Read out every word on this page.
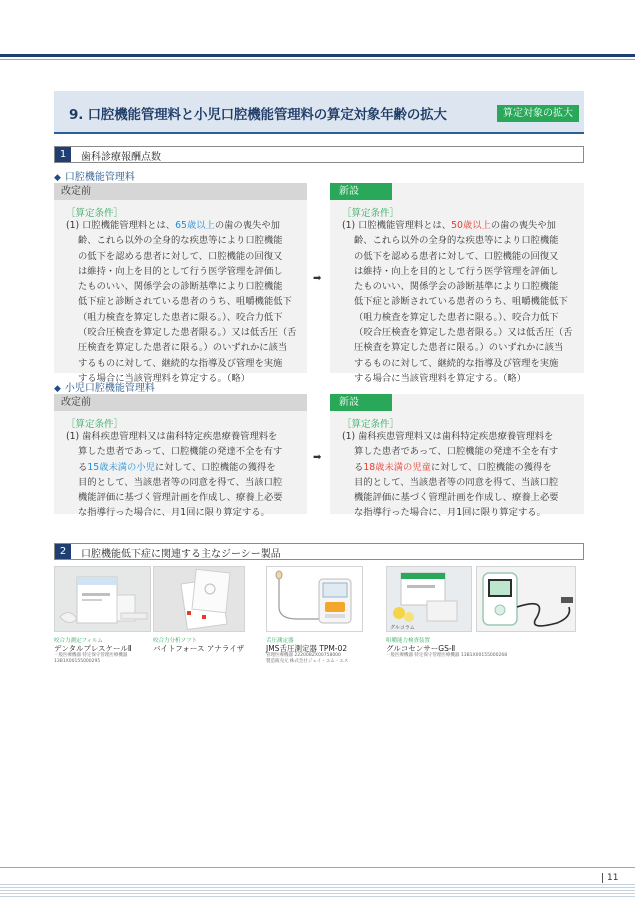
9. 口腔機能管理料と小児口腔機能管理料の算定対象年齢の拡大	算定対象の拡大
1	歯科診療報酬点数
◆ 口腔機能管理料
改定前
［算定条件］
(1) 口腔機能管理料とは、65歳以上の歯の喪失や加
齢、これら以外の全身的な疾患等により口腔機能
の低下を認める患者に対して、口腔機能の回復又
は維持・向上を目的として行う医学管理を評価し
たものいい、関係学会の診断基準により口腔機能
低下症と診断されている患者のうち、咀嚼機能低下
（咀力検査を算定した患者に限る。）、咬合力低下
（咬合圧検査を算定した患者限る。）又は低舌圧（舌
圧検査を算定した患者に限る。）のいずれかに該当
するものに対して、継続的な指導及び管理を実施
する場合に当該管理料を算定する。（略）
➡
新設
［算定条件］
(1) 口腔機能管理料とは、50歳以上の歯の喪失や加
齢、これら以外の全身的な疾患等により口腔機能
の低下を認める患者に対して、口腔機能の回復又
は維持・向上を目的として行う医学管理を評価し
たものいい、関係学会の診断基準により口腔機能
低下症と診断されている患者のうち、咀嚼機能低下
（咀力検査を算定した患者に限る。）、咬合力低下
（咬合圧検査を算定した患者限る。）又は低舌圧（舌
圧検査を算定した患者に限る。）のいずれかに該当
するものに対して、継続的な指導及び管理を実施
する場合に当該管理料を算定する。（略）
◆ 小児口腔機能管理料
改定前
［算定条件］
(1) 歯科疾患管理料又は歯科特定疾患療養管理料を
算した患者であって、口腔機能の発達不全を有す
る15歳未満の小児に対して、口腔機能の獲得を
目的として、当該患者等の同意を得て、当該口腔
機能評価に基づく管理計画を作成し、療養上必要
な指導行った場合に、月1回に限り算定する。
➡
新設
［算定条件］
(1) 歯科疾患管理料又は歯科特定疾患療養管理料を
算した患者であって、口腔機能の発達不全を有す
る18歳未満の児童に対して、口腔機能の獲得を
目的として、当該患者等の同意を得て、当該口腔
機能評価に基づく管理計画を作成し、療養上必要
な指導行った場合に、月1回に限り算定する。
2	口腔機能低下症に関連する主なジーシー製品
咬合力測定フィルム
デンタルプレスケールⅡ
一般医療機器 特定保守管理医療機器
13B1X00155000295
咬合力分析ソフト
バイトフォース アナライザ
舌圧測定器
JMS舌圧測定器 TPM-02
管理医療機器 22200BZX00758000
製造販売元 株式会社ジェイ・エム・エス
グルコラム
咀嚼能力検査装置
グルコセンサーGS-Ⅱ
一般医療機器 特定保守管理医療機器 13B1X00155000268
11
